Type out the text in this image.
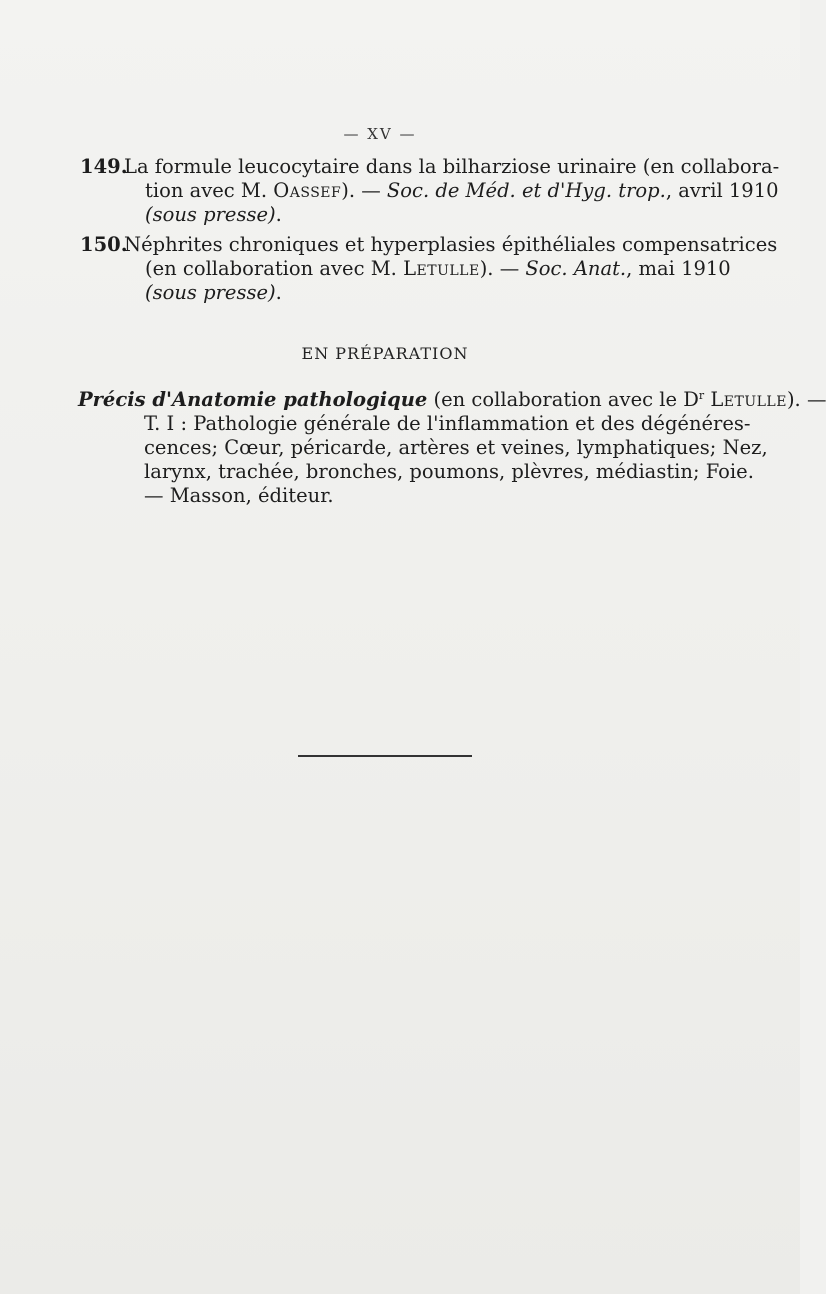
— XV —
149.
La formule leucocytaire dans la bilharziose urinaire (en collabora-
tion avec M. Oassef). — Soc. de Méd. et d'Hyg. trop., avril 1910
(sous presse).
150.
Néphrites chroniques et hyperplasies épithéliales compensatrices
(en collaboration avec M. Letulle). — Soc. Anat., mai 1910
(sous presse).
EN PRÉPARATION
Précis d'Anatomie pathologique (en collaboration avec le $D^r$ Letulle). —
T. I : Pathologie générale de l'inflammation et des dégénéres-
cences; Cœur, péricarde, artères et veines, lymphatiques; Nez,
larynx, trachée, bronches, poumons, plèvres, médiastin; Foie.
— Masson, éditeur.
